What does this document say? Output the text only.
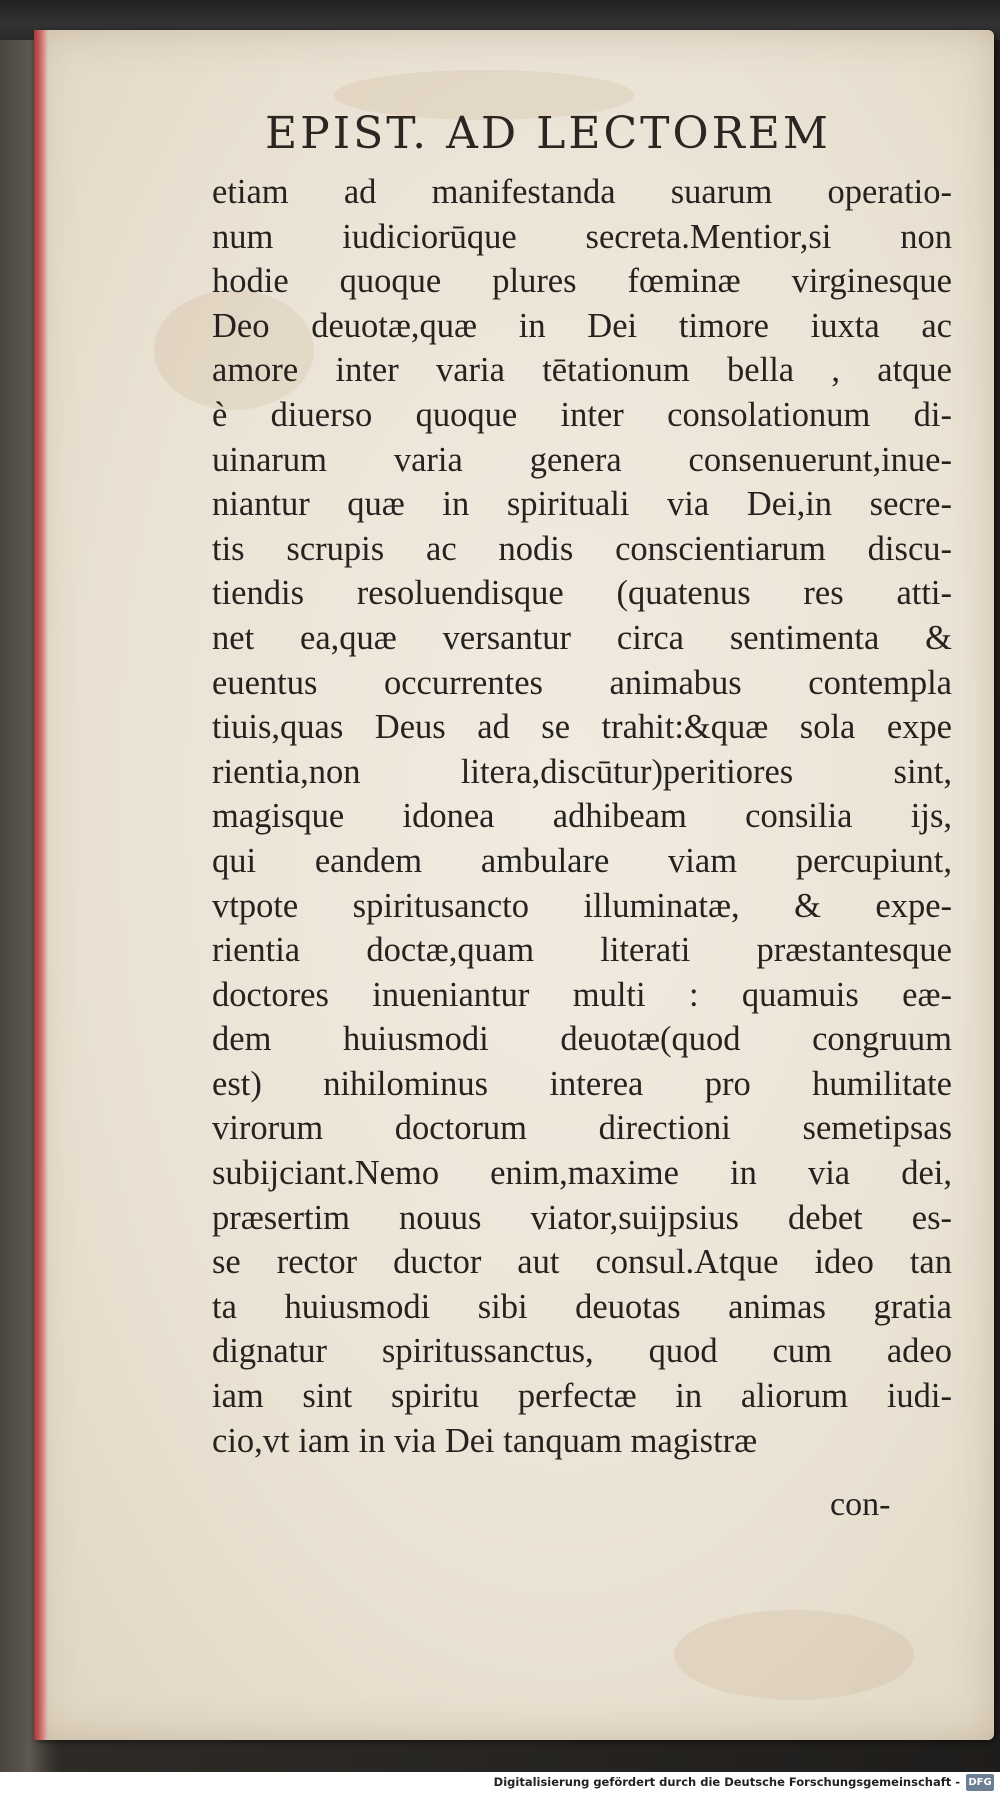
EPIST. AD LECTOREM
etiam ad manifestanda suarum operatio-
num iudiciorūque secreta.Mentior,si non
hodie quoque plures fœminæ virginesque
Deo deuotæ,quæ in Dei timore iuxta ac
amore inter varia tētationum bella , atque
è diuerso quoque inter consolationum di-
uinarum varia genera consenuerunt,inue-
niantur quæ in spirituali via Dei,in secre-
tis scrupis ac nodis conscientiarum discu-
tiendis resoluendisque (quatenus res atti-
net ea,quæ versantur circa sentimenta &
euentus occurrentes animabus contempla
tiuis,quas Deus ad se trahit:&quæ sola expe
rientia,non litera,discūtur)peritiores sint,
magisque idonea adhibeam consilia ijs,
qui eandem ambulare viam percupiunt,
vtpote spiritusancto illuminatæ, & expe-
rientia doctæ,quam literati præstantesque
doctores inueniantur multi : quamuis eæ-
dem huiusmodi deuotæ(quod congruum
est) nihilominus interea pro humilitate
virorum doctorum directioni semetipsas
subijciant.Nemo enim,maxime in via dei,
præsertim nouus viator,suijpsius debet es-
se rector ductor aut consul.Atque ideo tan
ta huiusmodi sibi deuotas animas gratia
dignatur spiritussanctus, quod cum adeo
iam sint spiritu perfectæ in aliorum iudi-
cio,vt iam in via Dei tanquam magistræ
con-
Digitalisierung gefördert durch die Deutsche Forschungsgemeinschaft - DFG
